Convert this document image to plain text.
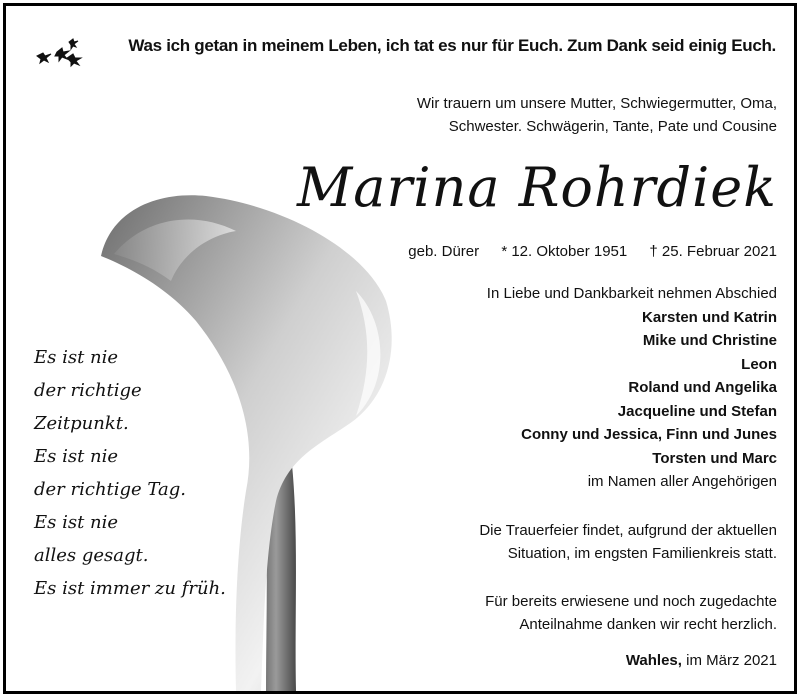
Was ich getan in meinem Leben, ich tat es nur für Euch. Zum Dank seid einig Euch.
Wir trauern um unsere Mutter, Schwiegermutter, Oma,
Schwester. Schwägerin, Tante, Pate und Cousine
Marina Rohrdiek
geb. Dürer * 12. Oktober 1951 † 25. Februar 2021
In Liebe und Dankbarkeit nehmen Abschied
Karsten und Katrin
Mike und Christine
Leon
Roland und Angelika
Jacqueline und Stefan
Conny und Jessica, Finn und Junes
Torsten und Marc
im Namen aller Angehörigen
Die Trauerfeier findet, aufgrund der aktuellen
Situation, im engsten Familienkreis statt.
Für bereits erwiesene und noch zugedachte
Anteilnahme danken wir recht herzlich.
Wahles, im März 2021
Es ist nie
der richtige
Zeitpunkt.
Es ist nie
der richtige Tag.
Es ist nie
alles gesagt.
Es ist immer zu früh.
